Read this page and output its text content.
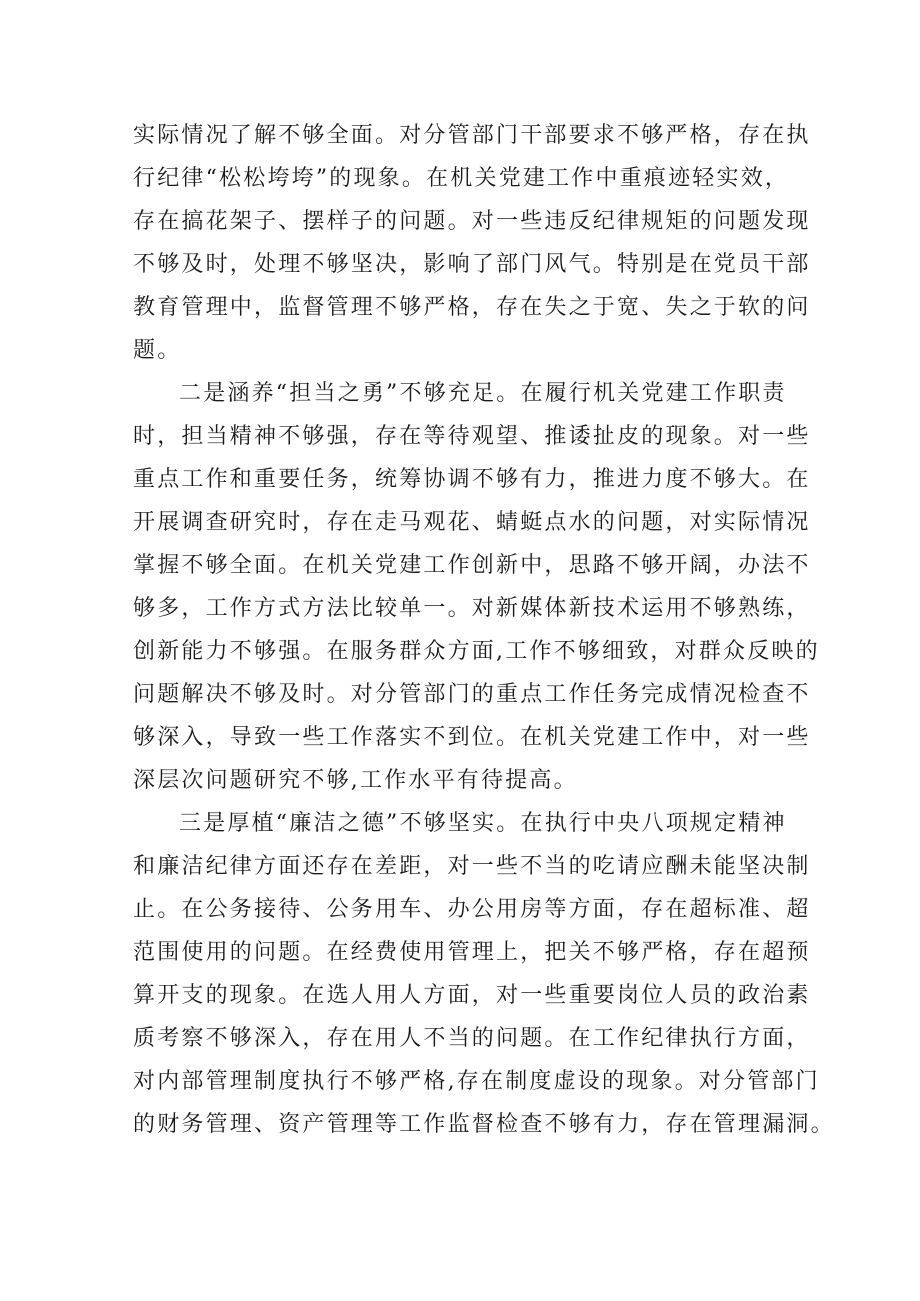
实际情况了解不够全面。对分管部门干部要求不够严格，存在执
行纪律“松松垮垮”的现象。在机关党建工作中重痕迹轻实效，
存在搞花架子、摆样子的问题。对一些违反纪律规矩的问题发现
不够及时，处理不够坚决，影响了部门风气。特别是在党员干部
教育管理中，监督管理不够严格，存在失之于宽、失之于软的问
题。
二是涵养“担当之勇”不够充足。在履行机关党建工作职责
时，担当精神不够强，存在等待观望、推诿扯皮的现象。对一些
重点工作和重要任务，统筹协调不够有力，推进力度不够大。在
开展调查研究时，存在走马观花、蜻蜓点水的问题，对实际情况
掌握不够全面。在机关党建工作创新中，思路不够开阔，办法不
够多，工作方式方法比较单一。对新媒体新技术运用不够熟练，
创新能力不够强。在服务群众方面,工作不够细致，对群众反映的
问题解决不够及时。对分管部门的重点工作任务完成情况检查不
够深入，导致一些工作落实不到位。在机关党建工作中，对一些
深层次问题研究不够,工作水平有待提高。
三是厚植“廉洁之德”不够坚实。在执行中央八项规定精神
和廉洁纪律方面还存在差距，对一些不当的吃请应酬未能坚决制
止。在公务接待、公务用车、办公用房等方面，存在超标准、超
范围使用的问题。在经费使用管理上，把关不够严格，存在超预
算开支的现象。在选人用人方面，对一些重要岗位人员的政治素
质考察不够深入，存在用人不当的问题。在工作纪律执行方面，
对内部管理制度执行不够严格,存在制度虚设的现象。对分管部门
的财务管理、资产管理等工作监督检查不够有力，存在管理漏洞。
